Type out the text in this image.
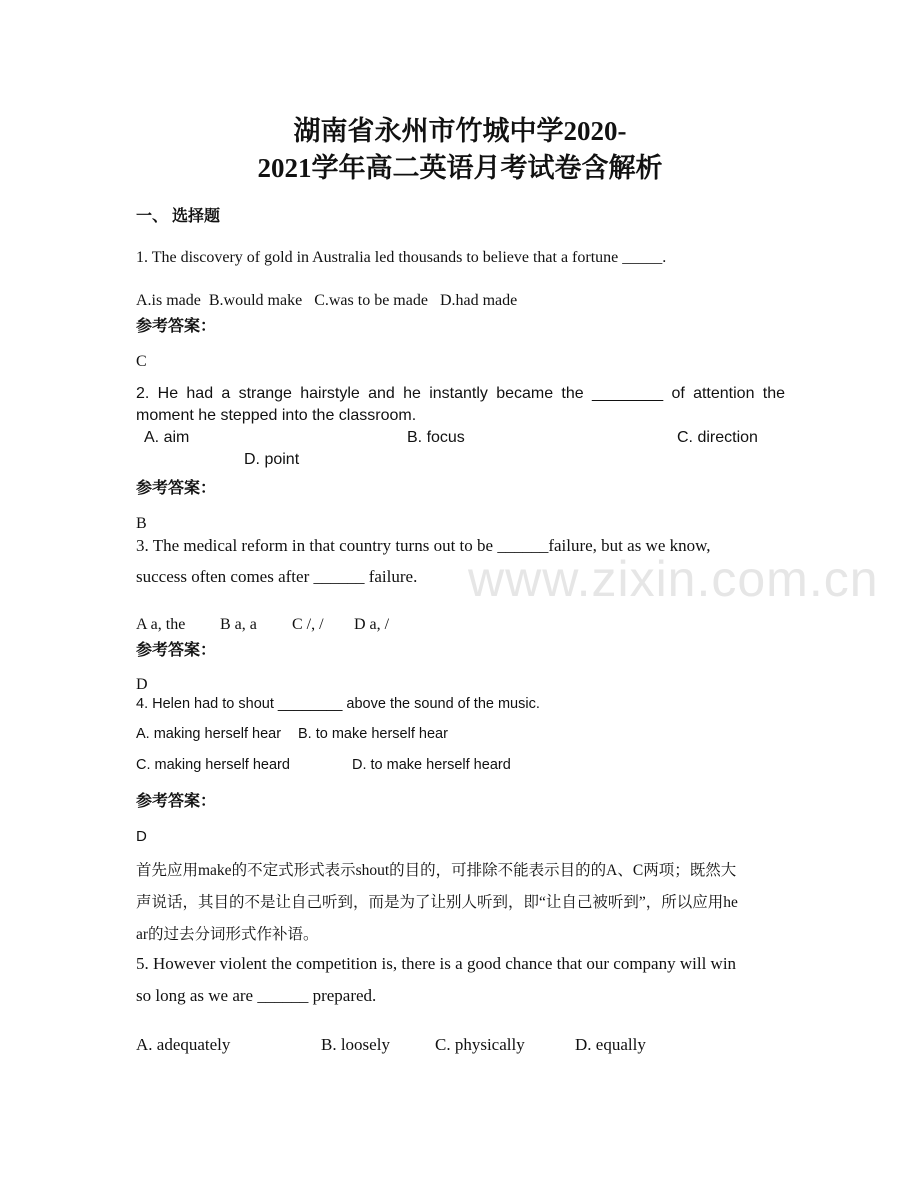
www.zixin.com.cn
湖南省永州市竹城中学2020-
2021学年高二英语月考试卷含解析
一、 选择题
1. The discovery of gold in Australia led thousands to believe that a fortune _____.
A.is made  B.would make   C.was to be made   D.had made
参考答案：
C
2. He had a strange hairstyle and he instantly became the ________ of attention the
moment he stepped into the classroom.
A. aim	B. focus	C. direction
D. point
参考答案：
B
3. The medical reform in that country turns out to be ______failure, but as we know,
success often comes after ______ failure.
A a, the B a, a C /, / D a, /
参考答案：
D
4. Helen had to shout ________ above the sound of the music.
A. making herself hear B. to make herself hear
C. making herself heard	D. to make herself heard
参考答案：
D
首先应用make的不定式形式表示shout的目的，可排除不能表示目的的A、C两项；既然大
声说话，其目的不是让自己听到，而是为了让别人听到，即“让自己被听到”，所以应用he
ar的过去分词形式作补语。
5. However violent the competition is, there is a good chance that our company will win
so long as we are ______ prepared.
A. adequately	B. loosely	C. physically	D. equally
